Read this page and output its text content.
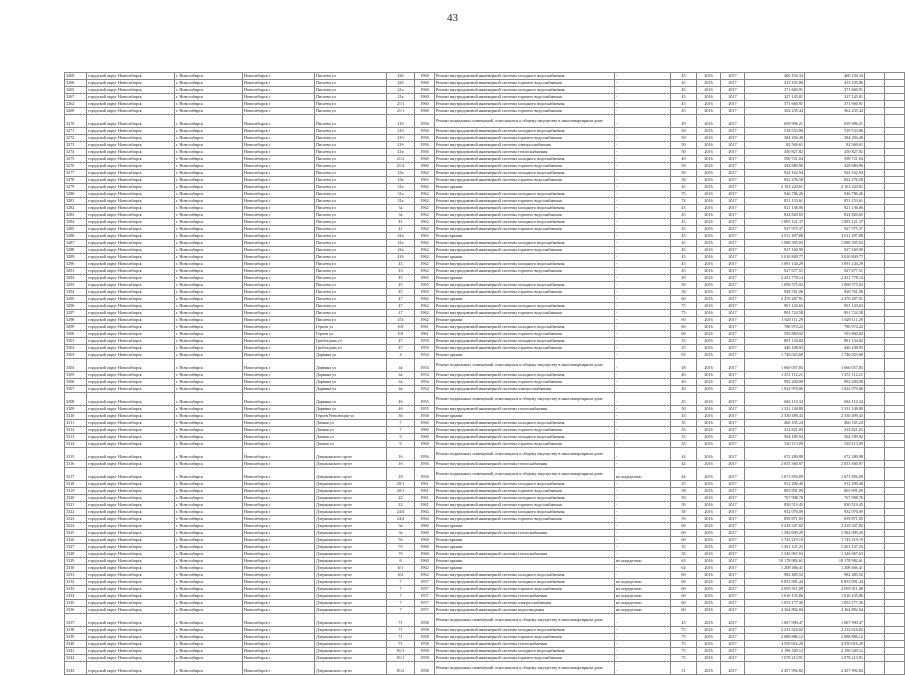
43
3269	городской округ Новосибирск	г. Новосибирск	Новосибирск г	Писаева ул	22б	1960	Ремонт внутридомовой инженерной системы холодного водоснабжения	-	45	2016	2017	460 194,34	460 194,34		
3266	городской округ Новосибирск	г. Новосибирск	Новосибирск г	Писаева ул	22б	1960	Ремонт внутридомовой инженерной системы горячего водоснабжения	-	45	2016	2017	415 105,86	415 105,86		
3265	городской округ Новосибирск	г. Новосибирск	Новосибирск г	Писаева ул	21а	1960	Ремонт внутридомовой инженерной системы холодного водоснабжения	-	45	2016	2017	371 660,91	371 660,91		
3267	городской округ Новосибирск	г. Новосибирск	Новосибирск г	Писаева ул	21а	1960	Ремонт внутридомовой инженерной системы горячего водоснабжения	-	45	2016	2017	327 145,81	327 145,81		
3262	городской округ Новосибирск	г. Новосибирск	Новосибирск г	Писаева ул	21/1	1960	Ремонт внутридомовой инженерной системы холодного водоснабжения	-	45	2016	2017	371 660,91	371 660,91		
3269	городской округ Новосибирск	г. Новосибирск	Новосибирск г	Писаева ул	21/1	1960	Ремонт внутридомовой инженерной системы горячего водоснабжения	-	45	2016	2017	362 235,44	362 235,44		
3270	городской округ Новосибирск	г. Новосибирск	Новосибирск г	Писаева ул	21б	1956	Ремонт подвальных помещений, относящихся к общему имуществу в многоквартирном доме	-	49	2016	2017	659 996,21	659 996,21		
3271	городской округ Новосибирск	г. Новосибирск	Новосибирск г	Писаева ул	21б	1956	Ремонт внутридомовой инженерной системы холодного водоснабжения	-	50	2016	2017	518 533,86	518 533,86		
3272	городской округ Новосибирск	г. Новосибирск	Новосибирск г	Писаева ул	21б	1956	Ремонт внутридомовой инженерной системы горячего водоснабжения	-	50	2016	2017	384 294,40	384 294,40		
3273	городской округ Новосибирск	г. Новосибирск	Новосибирск г	Писаева ул	21б	1956	Ремонт внутридомовой инженерной системы электроснабжения	-	50	2016	2017	82 569,61	82 569,61		
3274	городской округ Новосибирск	г. Новосибирск	Новосибирск г	Писаева ул	21в	1956	Ремонт внутридомовой инженерной системы теплоснабжения	-	50	2016	2017	450 827,82	450 827,82		
3275	городской округ Новосибирск	г. Новосибирск	Новосибирск г	Писаева ул	21/2	1960	Ремонт внутридомовой инженерной системы холодного водоснабжения	-	49	2016	2017	590 721,04	590 721,04		
3276	городской округ Новосибирск	г. Новосибирск	Новосибирск г	Писаева ул	21/2	1960	Ремонт внутридомовой инженерной системы горячего водоснабжения	-	50	2016	2017	428 680,96	428 680,96		
3277	городской округ Новосибирск	г. Новосибирск	Новосибирск г	Писаева ул	25а	1962	Ремонт внутридомовой инженерной системы холодного водоснабжения	-	50	2016	2017	924 162,94	924 162,94		
3278	городской округ Новосибирск	г. Новосибирск	Новосибирск г	Писаева ул	25а	1962	Ремонт внутридомовой инженерной системы горячего водоснабжения	-	50	2016	2017	822 276,58	822 276,58		
3279	городской округ Новосибирск	г. Новосибирск	Новосибирск г	Писаева ул	31а	1962	Ремонт крыши	-	45	2016	2017	2 161 220,61	2 161 220,61		
3280	городской округ Новосибирск	г. Новосибирск	Новосибирск г	Писаева ул	31а	1962	Ремонт внутридомовой инженерной системы холодного водоснабжения	-	75	2016	2017	946 786,26	946 786,26		
3281	городской округ Новосибирск	г. Новосибирск	Новосибирск г	Писаева ул	31а	1962	Ремонт внутридомовой инженерной системы горячего водоснабжения	-	74	2016	2017	851 153,61	851 153,61		
3282	городской округ Новосибирск	г. Новосибирск	Новосибирск г	Писаева ул	3а	1962	Ремонт внутридомовой инженерной системы холодного водоснабжения	-	45	2016	2017	821 136,06	821 136,06		
3283	городской округ Новосибирск	г. Новосибирск	Новосибирск г	Писаева ул	3а	1962	Ремонт внутридомовой инженерной системы горячего водоснабжения	-	45	2016	2017	824 820,65	824 820,65		
3284	городской округ Новосибирск	г. Новосибирск	Новосибирск г	Писаева ул	41	1962	Ремонт внутридомовой инженерной системы холодного водоснабжения	-	45	2016	2017	1 093 121,37	1 093 121,37		
3285	городской округ Новосибирск	г. Новосибирск	Новосибирск г	Писаева ул	41	1962	Ремонт внутридомовой инженерной системы горячего водоснабжения	-	45	2016	2017	927 975,37	927 975,37		
3286	городской округ Новосибирск	г. Новосибирск	Новосибирск г	Писаева ул	41а	1962	Ремонт крыши	-	45	2016	2017	3 011 497,88	3 011 497,88		
3287	городской округ Новосибирск	г. Новосибирск	Новосибирск г	Писаева ул	41а	1962	Ремонт внутридомовой инженерной системы холодного водоснабжения	-	45	2016	2017	1 088 395,03	1 088 395,03		
3288	городской округ Новосибирск	г. Новосибирск	Новосибирск г	Писаева ул	41а	1962	Ремонт внутридомовой инженерной системы горячего водоснабжения	-	45	2016	2017	927 160,90	927 160,90		
3289	городской округ Новосибирск	г. Новосибирск	Новосибирск г	Писаева ул	41б	1962	Ремонт крыши	-	45	2016	2017	3 010 849,77	3 010 849,77		
3290	городской округ Новосибирск	г. Новосибирск	Новосибирск г	Писаева ул	43	1962	Ремонт внутридомовой инженерной системы холодного водоснабжения	-	45	2016	2017	1 091 144,29	1 091 144,29		
3291	городской округ Новосибирск	г. Новосибирск	Новосибирск г	Писаева ул	43	1962	Ремонт внутридомовой инженерной системы горячего водоснабжения	-	45	2016	2017	927 677,51	927 677,51		
3292	городской округ Новосибирск	г. Новосибирск	Новосибирск г	Писаева ул	45	1965	Ремонт крыши	-	49	2016	2017	2 431 778,14	2 431 778,14		
3293	городской округ Новосибирск	г. Новосибирск	Новосибирск г	Писаева ул	45	1965	Ремонт внутридомовой инженерной системы холодного водоснабжения	-	50	2016	2017	1 008 575,02	1 008 575,02		
3294	городской округ Новосибирск	г. Новосибирск	Новосибирск г	Писаева ул	45	1965	Ремонт внутридомовой инженерной системы горячего водоснабжения	-	50	2016	2017	928 761,06	928 761,06		
3295	городской округ Новосибирск	г. Новосибирск	Новосибирск г	Писаева ул	47	1962	Ремонт крыши	-	60	2016	2017	2 476 287,91	2 476 287,91		
3296	городской округ Новосибирск	г. Новосибирск	Новосибирск г	Писаева ул	47	1962	Ремонт внутридомовой инженерной системы холодного водоснабжения	-	75	2016	2017	901 143,63	901 143,63		
3297	городской округ Новосибирск	г. Новосибирск	Новосибирск г	Писаева ул	47	1962	Ремонт внутридомовой инженерной системы горячего водоснабжения	-	75	2016	2017	891 724,58	891 724,58		
3298	городской округ Новосибирск	г. Новосибирск	Новосибирск г	Писаева ул	47а	1962	Ремонт крыши	-	60	2016	2017	1 620 111,29	1 620 111,29		
3299	городской округ Новосибирск	г. Новосибирск	Новосибирск г	Героев ул	101	1961	Ремонт внутридомовой инженерной системы холодного водоснабжения	-	60	2016	2017	786 974,22	786 974,22		
3300	городской округ Новосибирск	г. Новосибирск	Новосибирск г	Героев ул	101	1961	Ремонт внутридомовой инженерной системы горячего водоснабжения	-	60	2016	2017	593 860,02	593 860,02		
3301	городской округ Новосибирск	г. Новосибирск	Новосибирск г	Грибоедова ул	47	1959	Ремонт внутридомовой инженерной системы холодного водоснабжения	-	35	2016	2017	881 134,82	881 134,82		
3302	городской округ Новосибирск	г. Новосибирск	Новосибирск г	Грибоедова ул	47	1959	Ремонт внутридомовой инженерной системы горячего водоснабжения	-	25	2016	2017	446 108,93	446 108,93		
3303	городской округ Новосибирск	г. Новосибирск	Новосибирск г	Дарвина ул	4	1954	Ремонт крыши	-	65	2016	2017	1 746 023,68	1 746 023,68		
3304	городской округ Новосибирск	г. Новосибирск	Новосибирск г	Дарвина ул	4а	1954	Ремонт подвальных помещений, относящихся к общему имуществу в многоквартирном доме	-	48	2016	2017	1 060 057,83	1 060 057,83		
3305	городской округ Новосибирск	г. Новосибирск	Новосибирск г	Дарвина ул	4а	1954	Ремонт внутридомовой инженерной системы холодного водоснабжения	-	40	2016	2017	1 251 112,21	1 251 112,21		
3306	городской округ Новосибирск	г. Новосибирск	Новосибирск г	Дарвина ул	4а	1954	Ремонт внутридомовой инженерной системы горячего водоснабжения	-	40	2016	2017	992 200,08	992 200,08		
3307	городской округ Новосибирск	г. Новосибирск	Новосибирск г	Дарвина ул	4а	1954	Ремонт внутридомовой инженерной системы электроснабжения	-	40	2016	2017	1 022 970,06	1 022 970,06		
3308	городской округ Новосибирск	г. Новосибирск	Новосибирск г	Дарвина ул	4б	1955	Ремонт подвальных помещений, относящихся к общему имуществу в многоквартирном доме	-	45	2016	2017	684 110,34	684 110,34		
3309	городской округ Новосибирск	г. Новосибирск	Новосибирск г	Дарвина ул	4б	1955	Ремонт внутридомовой инженерной системы теплоснабжения	-	50	2016	2017	1 331 148,80	1 331 148,80		
3310	городской округ Новосибирск	г. Новосибирск	Новосибирск г	Героев Революции ул	36	1958	Ремонт крыши	-	45	2016	2017	2 530 499,43	2 530 499,43		
3311	городской округ Новосибирск	г. Новосибирск	Новосибирск г	Дачная ул	7	1960	Ремонт внутридомовой инженерной системы холодного водоснабжения	-	35	2016	2017	466 105,24	466 105,24		
3312	городской округ Новосибирск	г. Новосибирск	Новосибирск г	Дачная ул	7	1960	Ремонт внутридомовой инженерной системы горячего водоснабжения	-	35	2016	2017	414 821,03	414 821,03		
3313	городской округ Новосибирск	г. Новосибирск	Новосибирск г	Дачная ул	9	1960	Ремонт внутридомовой инженерной системы холодного водоснабжения	-	35	2016	2017	564 189,92	564 189,92		
3314	городской округ Новосибирск	г. Новосибирск	Новосибирск г	Дачная ул	9	1960	Ремонт внутридомовой инженерной системы горячего водоснабжения	-	35	2016	2017	520 113,09	520 113,09		
3315	городской округ Новосибирск	г. Новосибирск	Новосибирск г	Дзержинского пр-кт	16	1956	Ремонт подвальных помещений, относящихся к общему имуществу в многоквартирном доме	-	44	2016	2017	672 280,98	672 280,98		
3316	городской округ Новосибирск	г. Новосибирск	Новосибирск г	Дзержинского пр-кт	16	1956	Ремонт внутридомовой инженерной системы теплоснабжения	-	44	2016	2017	2 053 360,97	2 053 360,97		
3317	городской округ Новосибирск	г. Новосибирск	Новосибирск г	Дзержинского пр-кт	18	1956	Ремонт подвальных помещений, относящихся к общему имуществу в многоквартирном доме	не определено	44	2016	2017	1 671 856,09	1 671 856,09		
3318	городской округ Новосибирск	г. Новосибирск	Новосибирск г	Дзержинского пр-кт	20/1	1961	Ремонт внутридомовой инженерной системы холодного водоснабжения	-	25	2016	2017	912 290,40	912 290,40		
3319	городской округ Новосибирск	г. Новосибирск	Новосибирск г	Дзержинского пр-кт	20/1	1961	Ремонт внутридомовой инженерной системы горячего водоснабжения	-	58	2016	2017	803 991,09	803 991,09		
3320	городской округ Новосибирск	г. Новосибирск	Новосибирск г	Дзержинского пр-кт	22	1961	Ремонт внутридомовой инженерной системы холодного водоснабжения	-	59	2016	2017	767 998,70	767 998,70		
3321	городской округ Новосибирск	г. Новосибирск	Новосибирск г	Дзержинского пр-кт	22	1961	Ремонт внутридомовой инженерной системы горячего водоснабжения	-	59	2016	2017	830 519,45	830 519,45		
3322	городской округ Новосибирск	г. Новосибирск	Новосибирск г	Дзержинского пр-кт	24/4	1964	Ремонт внутридомовой инженерной системы холодного водоснабжения	-	58	2016	2017	932 076,09	932 076,09		
3323	городской округ Новосибирск	г. Новосибирск	Новосибирск г	Дзержинского пр-кт	24/4	1964	Ремонт внутридомовой инженерной системы горячего водоснабжения	-	59	2016	2017	839 871,05	839 871,05		
3324	городской округ Новосибирск	г. Новосибирск	Новосибирск г	Дзержинского пр-кт	3а	1960	Ремонт крыши	-	60	2016	2017	3 418 347,82	3 418 347,82		
3325	городской округ Новосибирск	г. Новосибирск	Новосибирск г	Дзержинского пр-кт	3а	1960	Ремонт внутридомовой инженерной системы теплоснабжения	-	60	2016	2017	1 582 009,29	1 582 009,29		
3326	городской округ Новосибирск	г. Новосибирск	Новосибирск г	Дзержинского пр-кт	5б	1960	Ремонт крыши	-	60	2016	2017	1 743 219,19	1 743 219,19		
3327	городской округ Новосибирск	г. Новосибирск	Новосибирск г	Дзержинского пр-кт	7б	1960	Ремонт крыши	-	35	2016	2017	1 261 147,23	1 261 147,23		
3328	городской округ Новосибирск	г. Новосибирск	Новосибирск г	Дзержинского пр-кт	7б	1960	Ремонт внутридомовой инженерной системы теплоснабжения	-	35	2016	2017	1 346 967,63	1 346 967,63		
3329	городской округ Новосибирск	г. Новосибирск	Новосибирск г	Дзержинского пр-кт	6	1960	Ремонт крыши	не определено	63	2016	2017	10 178 982,61	10 178 982,61		
3330	городской округ Новосибирск	г. Новосибирск	Новосибирск г	Дзержинского пр-кт	6/1	1962	Ремонт крыши	-	64	2016	2017	1 208 466,41	1 208 466,41		
3331	городской округ Новосибирск	г. Новосибирск	Новосибирск г	Дзержинского пр-кт	6/2	1962	Ремонт внутридомовой инженерной системы холодного водоснабжения	-	60	2016	2017	982 485,52	982 485,52		
3332	городской округ Новосибирск	г. Новосибирск	Новосибирск г	Дзержинского пр-кт	7	1957	Ремонт внутридомовой инженерной системы холодного водоснабжения	не определено	60	2016	2017	9 853 901,44	9 853 901,44		
3333	городской округ Новосибирск	г. Новосибирск	Новосибирск г	Дзержинского пр-кт	7	1957	Ремонт внутридомовой инженерной системы горячего водоснабжения	не определено	60	2016	2017	2 095 911,08	2 095 911,08		
3334	городской округ Новосибирск	г. Новосибирск	Новосибирск г	Дзержинского пр-кт	7	1957	Ремонт внутридомовой инженерной системы теплоснабжения	не определено	60	2016	2017	1 616 135,86	1 616 135,86		
3335	городской округ Новосибирск	г. Новосибирск	Новосибирск г	Дзержинского пр-кт	7	1957	Ремонт внутридомовой инженерной системы электроснабжения	не определено	60	2016	2017	1 053 177,36	1 053 177,36		
3336	городской округ Новосибирск	г. Новосибирск	Новосибирск г	Дзержинского пр-кт	7	1957	Ремонт внутридомовой инженерной системы водоотведения	не определено	60	2016	2017	4 364 892,04	4 364 892,04		
3337	городской округ Новосибирск	г. Новосибирск	Новосибирск г	Дзержинского пр-кт	71	1958	Ремонт подвальных помещений, относящихся к общему имуществу в многоквартирном доме	-	45	2016	2017	1 067 990,47	1 067 990,47		
3338	городской округ Новосибирск	г. Новосибирск	Новосибирск г	Дзержинского пр-кт	71	1958	Ремонт внутридомовой инженерной системы холодного водоснабжения	-	75	2016	2017	2 232 616,02	2 232 616,02		
3339	городской округ Новосибирск	г. Новосибирск	Новосибирск г	Дзержинского пр-кт	71	1958	Ремонт внутридомовой инженерной системы горячего водоснабжения	-	75	2016	2017	2 088 886,12	2 088 886,12		
3340	городской округ Новосибирск	г. Новосибирск	Новосибирск г	Дзержинского пр-кт	71	1958	Ремонт внутридомовой инженерной системы теплоснабжения	-	75	2016	2017	4 550 016,29	4 550 016,29		
3341	городской округ Новосибирск	г. Новосибирск	Новосибирск г	Дзержинского пр-кт	81/1	1958	Ремонт внутридомовой инженерной системы холодного водоснабжения	-	75	2016	2017	2 196 349,12	2 196 349,12		
3342	городской округ Новосибирск	г. Новосибирск	Новосибирск г	Дзержинского пр-кт	81/1	1958	Ремонт внутридомовой инженерной системы горячего водоснабжения	-	75	2016	2017	1 078 213,91	1 078 213,91		
3343	городской округ Новосибирск	г. Новосибирск	Новосибирск г	Дзержинского пр-кт	81/2	1958	Ремонт подвальных помещений, относящихся к общему имуществу в многоквартирном доме	-	51	2016	2017	2 457 992,82	2 457 992,82		
